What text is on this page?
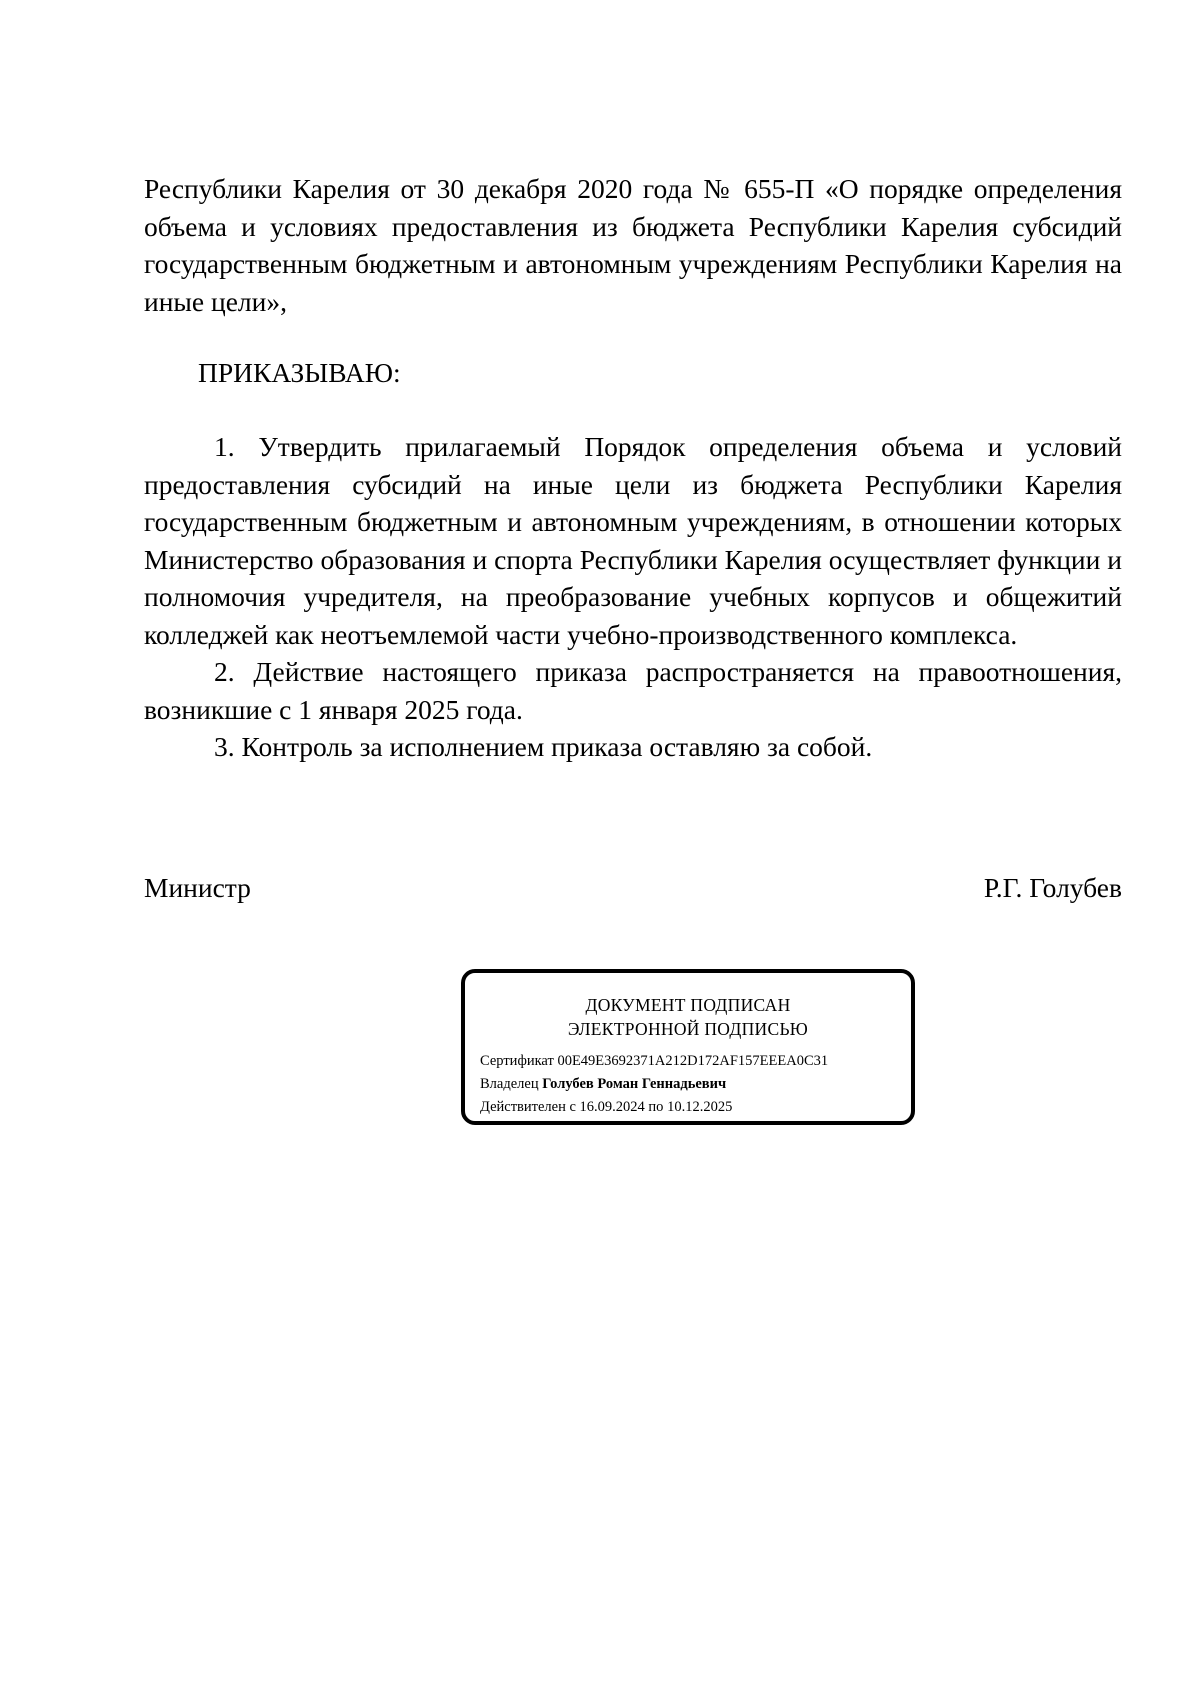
Республики Карелия от 30 декабря 2020 года № 655-П «О порядке определения объема и условиях предоставления из бюджета Республики Карелия субсидий государственным бюджетным и автономным учреждениям Республики Карелия на иные цели»,

ПРИКАЗЫВАЮ:

1. Утвердить прилагаемый Порядок определения объема и условий предоставления субсидий на иные цели из бюджета Республики Карелия государственным бюджетным и автономным учреждениям, в отношении которых Министерство образования и спорта Республики Карелия осуществляет функции и полномочия учредителя, на преобразование учебных корпусов и общежитий колледжей как неотъемлемой части учебно-производственного комплекса.

2. Действие настоящего приказа распространяется на правоотношения, возникшие с 1 января 2025 года.

3. Контроль за исполнением приказа оставляю за собой.

Министр	Р.Г. Голубев
ДОКУМЕНТ ПОДПИСАН
ЭЛЕКТРОННОЙ ПОДПИСЬЮ
Сертификат 00E49E3692371A212D172AF157EEEA0C31
Владелец Голубев Роман Геннадьевич
Действителен с 16.09.2024 по 10.12.2025
